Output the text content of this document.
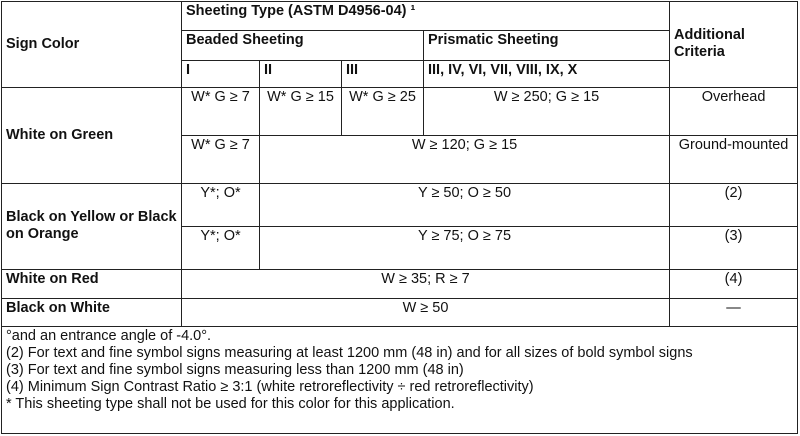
Sign Color	Sheeting Type (ASTM D4956-04) ¹				Additional Criteria
	Beaded Sheeting			Prismatic Sheeting	
	I	II	III	III, IV, VI, VII, VIII, IX, X	
White on Green	W* G ≥ 7	W* G ≥ 15	W* G ≥ 25	W ≥ 250; G ≥ 15	Overhead
	W* G ≥ 7	W ≥ 120; G ≥ 15			Ground-mounted
Black on Yellow or Black on Orange	Y*; O*	Y ≥ 50; O ≥ 50			(2)
	Y*; O*	Y ≥ 75; O ≥ 75			(3)
White on Red	W ≥ 35; R ≥ 7				(4)
Black on White	W ≥ 50				—

°and an entrance angle of -4.0°.
(2) For text and fine symbol signs measuring at least 1200 mm (48 in) and for all sizes of bold symbol signs
(3) For text and fine symbol signs measuring less than 1200 mm (48 in)
(4) Minimum Sign Contrast Ratio ≥ 3:1 (white retroreflectivity ÷ red retroreflectivity)
* This sheeting type shall not be used for this color for this application.					
